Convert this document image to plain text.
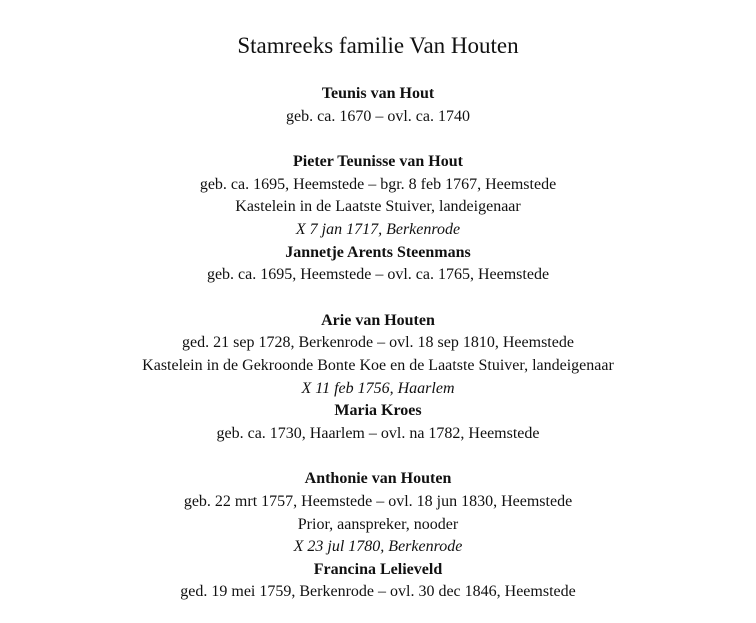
Stamreeks familie Van Houten
Teunis van Hout
geb. ca. 1670 – ovl. ca. 1740
Pieter Teunisse van Hout
geb. ca. 1695, Heemstede – bgr. 8 feb 1767, Heemstede
Kastelein in de Laatste Stuiver, landeigenaar
X 7 jan 1717, Berkenrode
Jannetje Arents Steenmans
geb. ca. 1695, Heemstede – ovl. ca. 1765, Heemstede
Arie van Houten
ged. 21 sep 1728, Berkenrode – ovl. 18 sep 1810, Heemstede
Kastelein in de Gekroonde Bonte Koe en de Laatste Stuiver, landeigenaar
X 11 feb 1756, Haarlem
Maria Kroes
geb. ca. 1730, Haarlem – ovl. na 1782, Heemstede
Anthonie van Houten
geb. 22 mrt 1757, Heemstede – ovl. 18 jun 1830, Heemstede
Prior, aanspreker, nooder
X 23 jul 1780, Berkenrode
Francina Lelieveld
ged. 19 mei 1759, Berkenrode – ovl. 30 dec 1846, Heemstede
